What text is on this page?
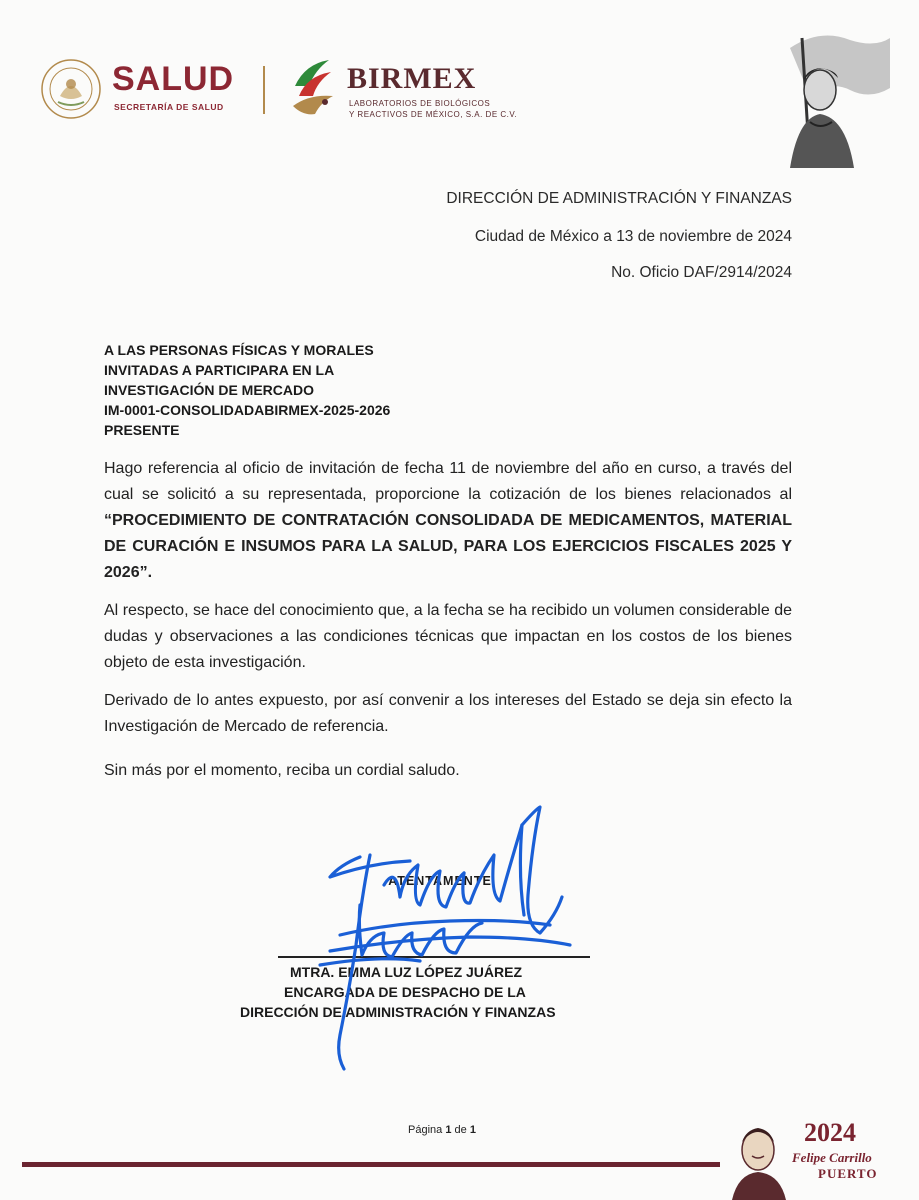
SALUD
SECRETARÍA DE SALUD
BIRMEX
LABORATORIOS DE BIOLÓGICOS
Y REACTIVOS DE MÉXICO, S.A. DE C.V.
DIRECCIÓN DE ADMINISTRACIÓN Y FINANZAS
Ciudad de México a 13 de noviembre de 2024
No. Oficio DAF/2914/2024
A LAS PERSONAS FÍSICAS Y MORALES
INVITADAS A PARTICIPARA EN LA
INVESTIGACIÓN DE MERCADO
IM-0001-CONSOLIDADABIRMEX-2025-2026
PRESENTE
Hago referencia al oficio de invitación de fecha 11 de noviembre del año en curso, a través del cual se solicitó a su representada, proporcione la cotización de los bienes relacionados al “PROCEDIMIENTO DE CONTRATACIÓN CONSOLIDADA DE MEDICAMENTOS, MATERIAL DE CURACIÓN E INSUMOS PARA LA SALUD, PARA LOS EJERCICIOS FISCALES 2025 Y 2026”.
Al respecto, se hace del conocimiento que, a la fecha se ha recibido un volumen considerable de dudas y observaciones a las condiciones técnicas que impactan en los costos de los bienes objeto de esta investigación.
Derivado de lo antes expuesto, por así convenir a los intereses del Estado se deja sin efecto la Investigación de Mercado de referencia.
Sin más por el momento, reciba un cordial saludo.
ATENTAMENTE
MTRA. EMMA LUZ LÓPEZ JUÁREZ
ENCARGADA DE DESPACHO DE LA
DIRECCIÓN DE ADMINISTRACIÓN Y FINANZAS
Página 1 de 1	2024
Felipe Carrillo
PUERTO
